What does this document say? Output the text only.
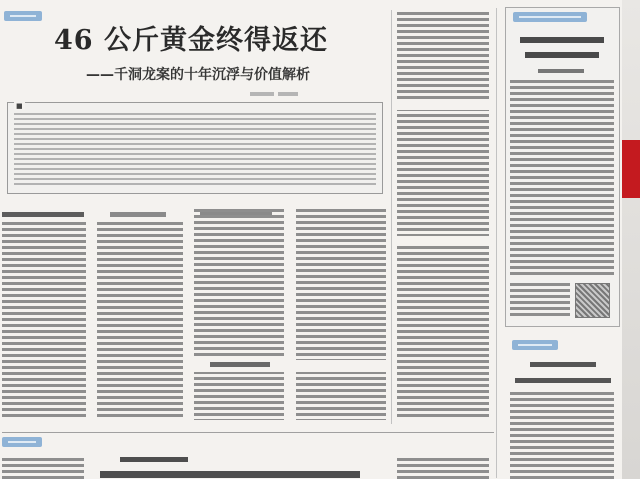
46 公斤黄金终得返还
——千洞龙案的十年沉浮与价值解析
■
